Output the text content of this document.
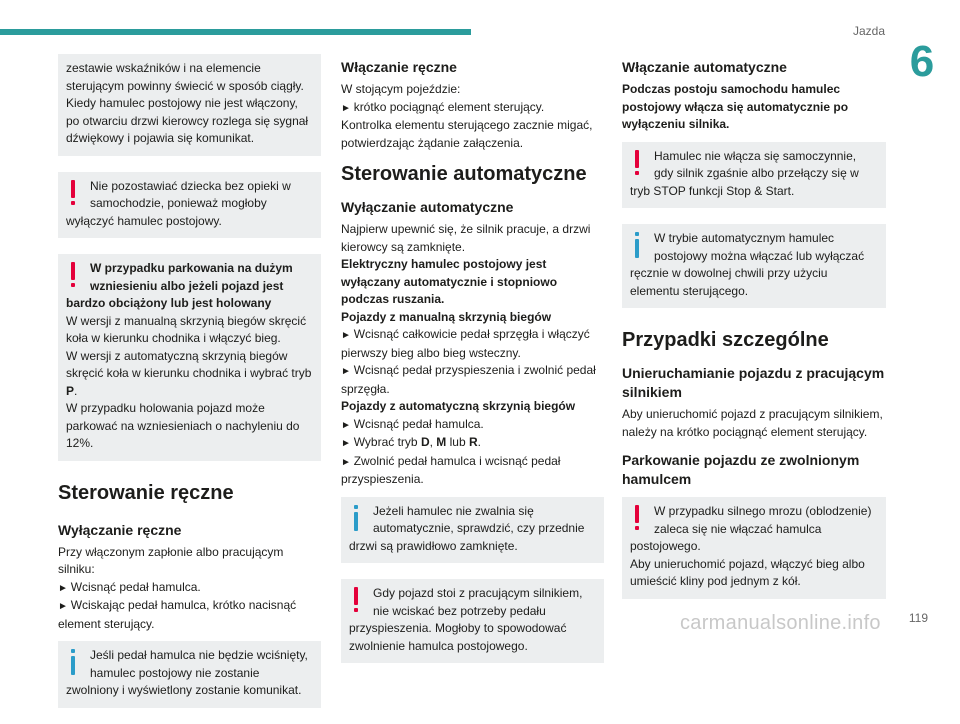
Jazda
6

zestawie wskaźników i na elemencie sterującym powinny świecić w sposób ciągły.
Kiedy hamulec postojowy nie jest włączony, po otwarciu drzwi kierowcy rozlega się sygnał dźwiękowy i pojawia się komunikat.

Nie pozostawiać dziecka bez opieki w samochodzie, ponieważ mogłoby wyłączyć hamulec postojowy.

W przypadku parkowania na dużym wzniesieniu albo jeżeli pojazd jest bardzo obciążony lub jest holowany

W wersji z manualną skrzynią biegów skręcić koła w kierunku chodnika i włączyć bieg.

W wersji z automatyczną skrzynią biegów skręcić koła w kierunku chodnika i wybrać tryb P.

W przypadku holowania pojazd może parkować na wzniesieniach o nachyleniu do 12%.

Sterowanie ręczne
Wyłączanie ręczne

Przy włączonym zapłonie albo pracującym silniku:

► Wcisnąć pedał hamulca.

► Wciskając pedał hamulca, krótko nacisnąć element sterujący.

Jeśli pedał hamulca nie będzie wciśnięty, hamulec postojowy nie zostanie zwolniony i wyświetlony zostanie komunikat.

Włączanie ręczne

W stojącym pojeździe:

► krótko pociągnąć element sterujący.

Kontrolka elementu sterującego zacznie migać, potwierdzając żądanie załączenia.

Sterowanie automatyczne
Wyłączanie automatyczne

Najpierw upewnić się, że silnik pracuje, a drzwi kierowcy są zamknięte.

Elektryczny hamulec postojowy jest wyłączany automatycznie i stopniowo podczas ruszania.

Pojazdy z manualną skrzynią biegów

► Wcisnąć całkowicie pedał sprzęgła i włączyć pierwszy bieg albo bieg wsteczny.

► Wcisnąć pedał przyspieszenia i zwolnić pedał sprzęgła.

Pojazdy z automatyczną skrzynią biegów

► Wcisnąć pedał hamulca.

► Wybrać tryb D, M lub R.

► Zwolnić pedał hamulca i wcisnąć pedał przyspieszenia.

Jeżeli hamulec nie zwalnia się automatycznie, sprawdzić, czy przednie drzwi są prawidłowo zamknięte.

Gdy pojazd stoi z pracującym silnikiem, nie wciskać bez potrzeby pedału przyspieszenia. Mogłoby to spowodować zwolnienie hamulca postojowego.

Włączanie automatyczne

Podczas postoju samochodu hamulec postojowy włącza się automatycznie po wyłączeniu silnika.

Hamulec nie włącza się samoczynnie, gdy silnik zgaśnie albo przełączy się w tryb STOP funkcji Stop & Start.

W trybie automatycznym hamulec postojowy można włączać lub wyłączać ręcznie w dowolnej chwili przy użyciu elementu sterującego.

Przypadki szczególne
Unieruchamianie pojazdu z pracującym silnikiem

Aby unieruchomić pojazd z pracującym silnikiem, należy na krótko pociągnąć element sterujący.

Parkowanie pojazdu ze zwolnionym hamulcem

W przypadku silnego mrozu (oblodzenie) zaleca się nie włączać hamulca postojowego.

Aby unieruchomić pojazd, włączyć bieg albo umieścić kliny pod jednym z kół.

carmanualsonline.info 119
